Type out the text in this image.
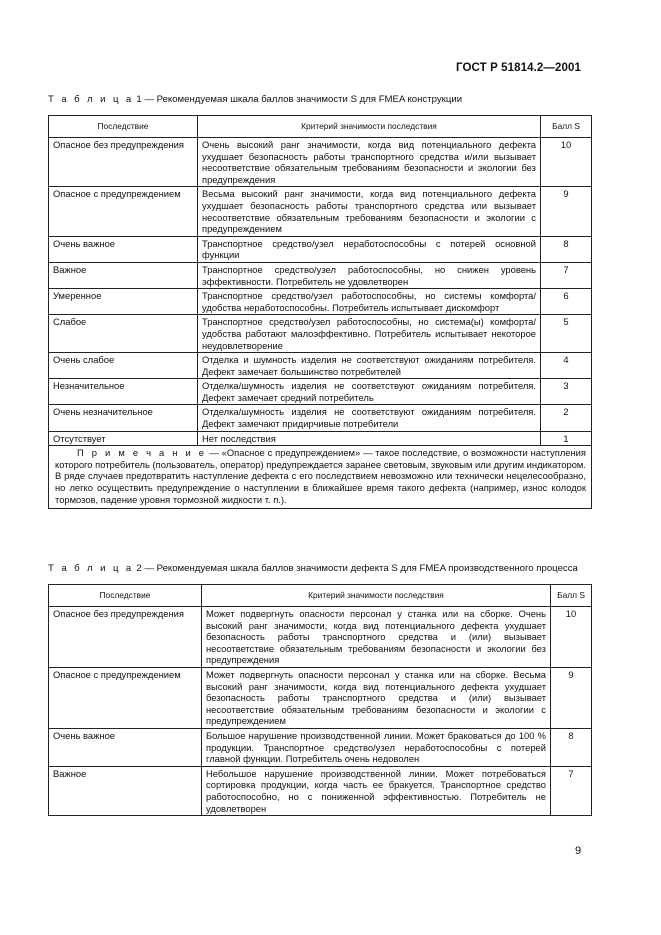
ГОСТ Р 51814.2—2001
Т а б л и ц а 1 — Рекомендуемая шкала баллов значимости S для FMEA конструкции
Последствие	Критерий значимости последствия	Балл S
Опасное без предупреждения	Очень высокий ранг значимости, когда вид потенциального дефекта ухудшает безопасность работы транспортного средства и/или вызывает несоответствие обязательным требованиям безопасности и экологии без предупреждения	10
Опасное с предупреждением	Весьма высокий ранг значимости, когда вид потенциального дефекта ухудшает безопасность работы транспортного средства или вызывает несоответствие обязательным требованиям безопасности и экологии с предупреждением	9
Очень важное	Транспортное средство/узел неработоспособны с потерей основной функции	8
Важное	Транспортное средство/узел работоспособны, но снижен уровень эффективности. Потребитель не удовлетворен	7
Умеренное	Транспортное средство/узел работоспособны, но системы комфорта/удобства неработоспособны. Потребитель испытывает дискомфорт	6
Слабое	Транспортное средство/узел работоспособны, но система(ы) комфорта/удобства работают малоэффективно. Потребитель испытывает некоторое неудовлетворение	5
Очень слабое	Отделка и шумность изделия не соответствуют ожиданиям потребителя. Дефект замечает большинство потребителей	4
Незначительное	Отделка/шумность изделия не соответствуют ожиданиям потребителя. Дефект замечает средний потребитель	3
Очень незначительное	Отделка/шумность изделия не соответствуют ожиданиям потребителя. Дефект замечают придирчивые потребители	2
Отсутствует	Нет последствия	1
П р и м е ч а н и е — «Опасное с предупреждением» — такое последствие, о возможности наступления которого потребитель (пользователь, оператор) предупреждается заранее световым, звуковым или другим индикатором. В ряде случаев предотвратить наступление дефекта с его последствием невозможно или технически нецелесообразно, но легко осуществить предупреждение о наступлении в ближайшее время такого дефекта (например, износ колодок тормозов, падение уровня тормозной жидкости т. п.).		
Т а б л и ц а 2 — Рекомендуемая шкала баллов значимости дефекта S для FMEA производственного процесса
Последствие	Критерий значимости последствия	Балл S
Опасное без предупреждения	Может подвергнуть опасности персонал у станка или на сборке. Очень высокий ранг значимости, когда вид потенциального дефекта ухудшает безопасность работы транспортного средства и (или) вызывает несоответствие обязательным требованиям безопасности и экологии без предупреждения	10
Опасное с предупреждением	Может подвергнуть опасности персонал у станка или на сборке. Весьма высокий ранг значимости, когда вид потенциального дефекта ухудшает безопасность работы транспортного средства и (или) вызывает несоответствие обязательным требованиям безопасности и экологии с предупреждением	9
Очень важное	Большое нарушение производственной линии. Может браковаться до 100 % продукции. Транспортное средство/узел неработоспособны с потерей главной функции. Потребитель очень недоволен	8
Важное	Небольшое нарушение производственной линии. Может потребоваться сортировка продукции, когда часть ее бракуется. Транспортное средство работоспособно, но с пониженной эффективностью. Потребитель не удовлетворен	7
9
